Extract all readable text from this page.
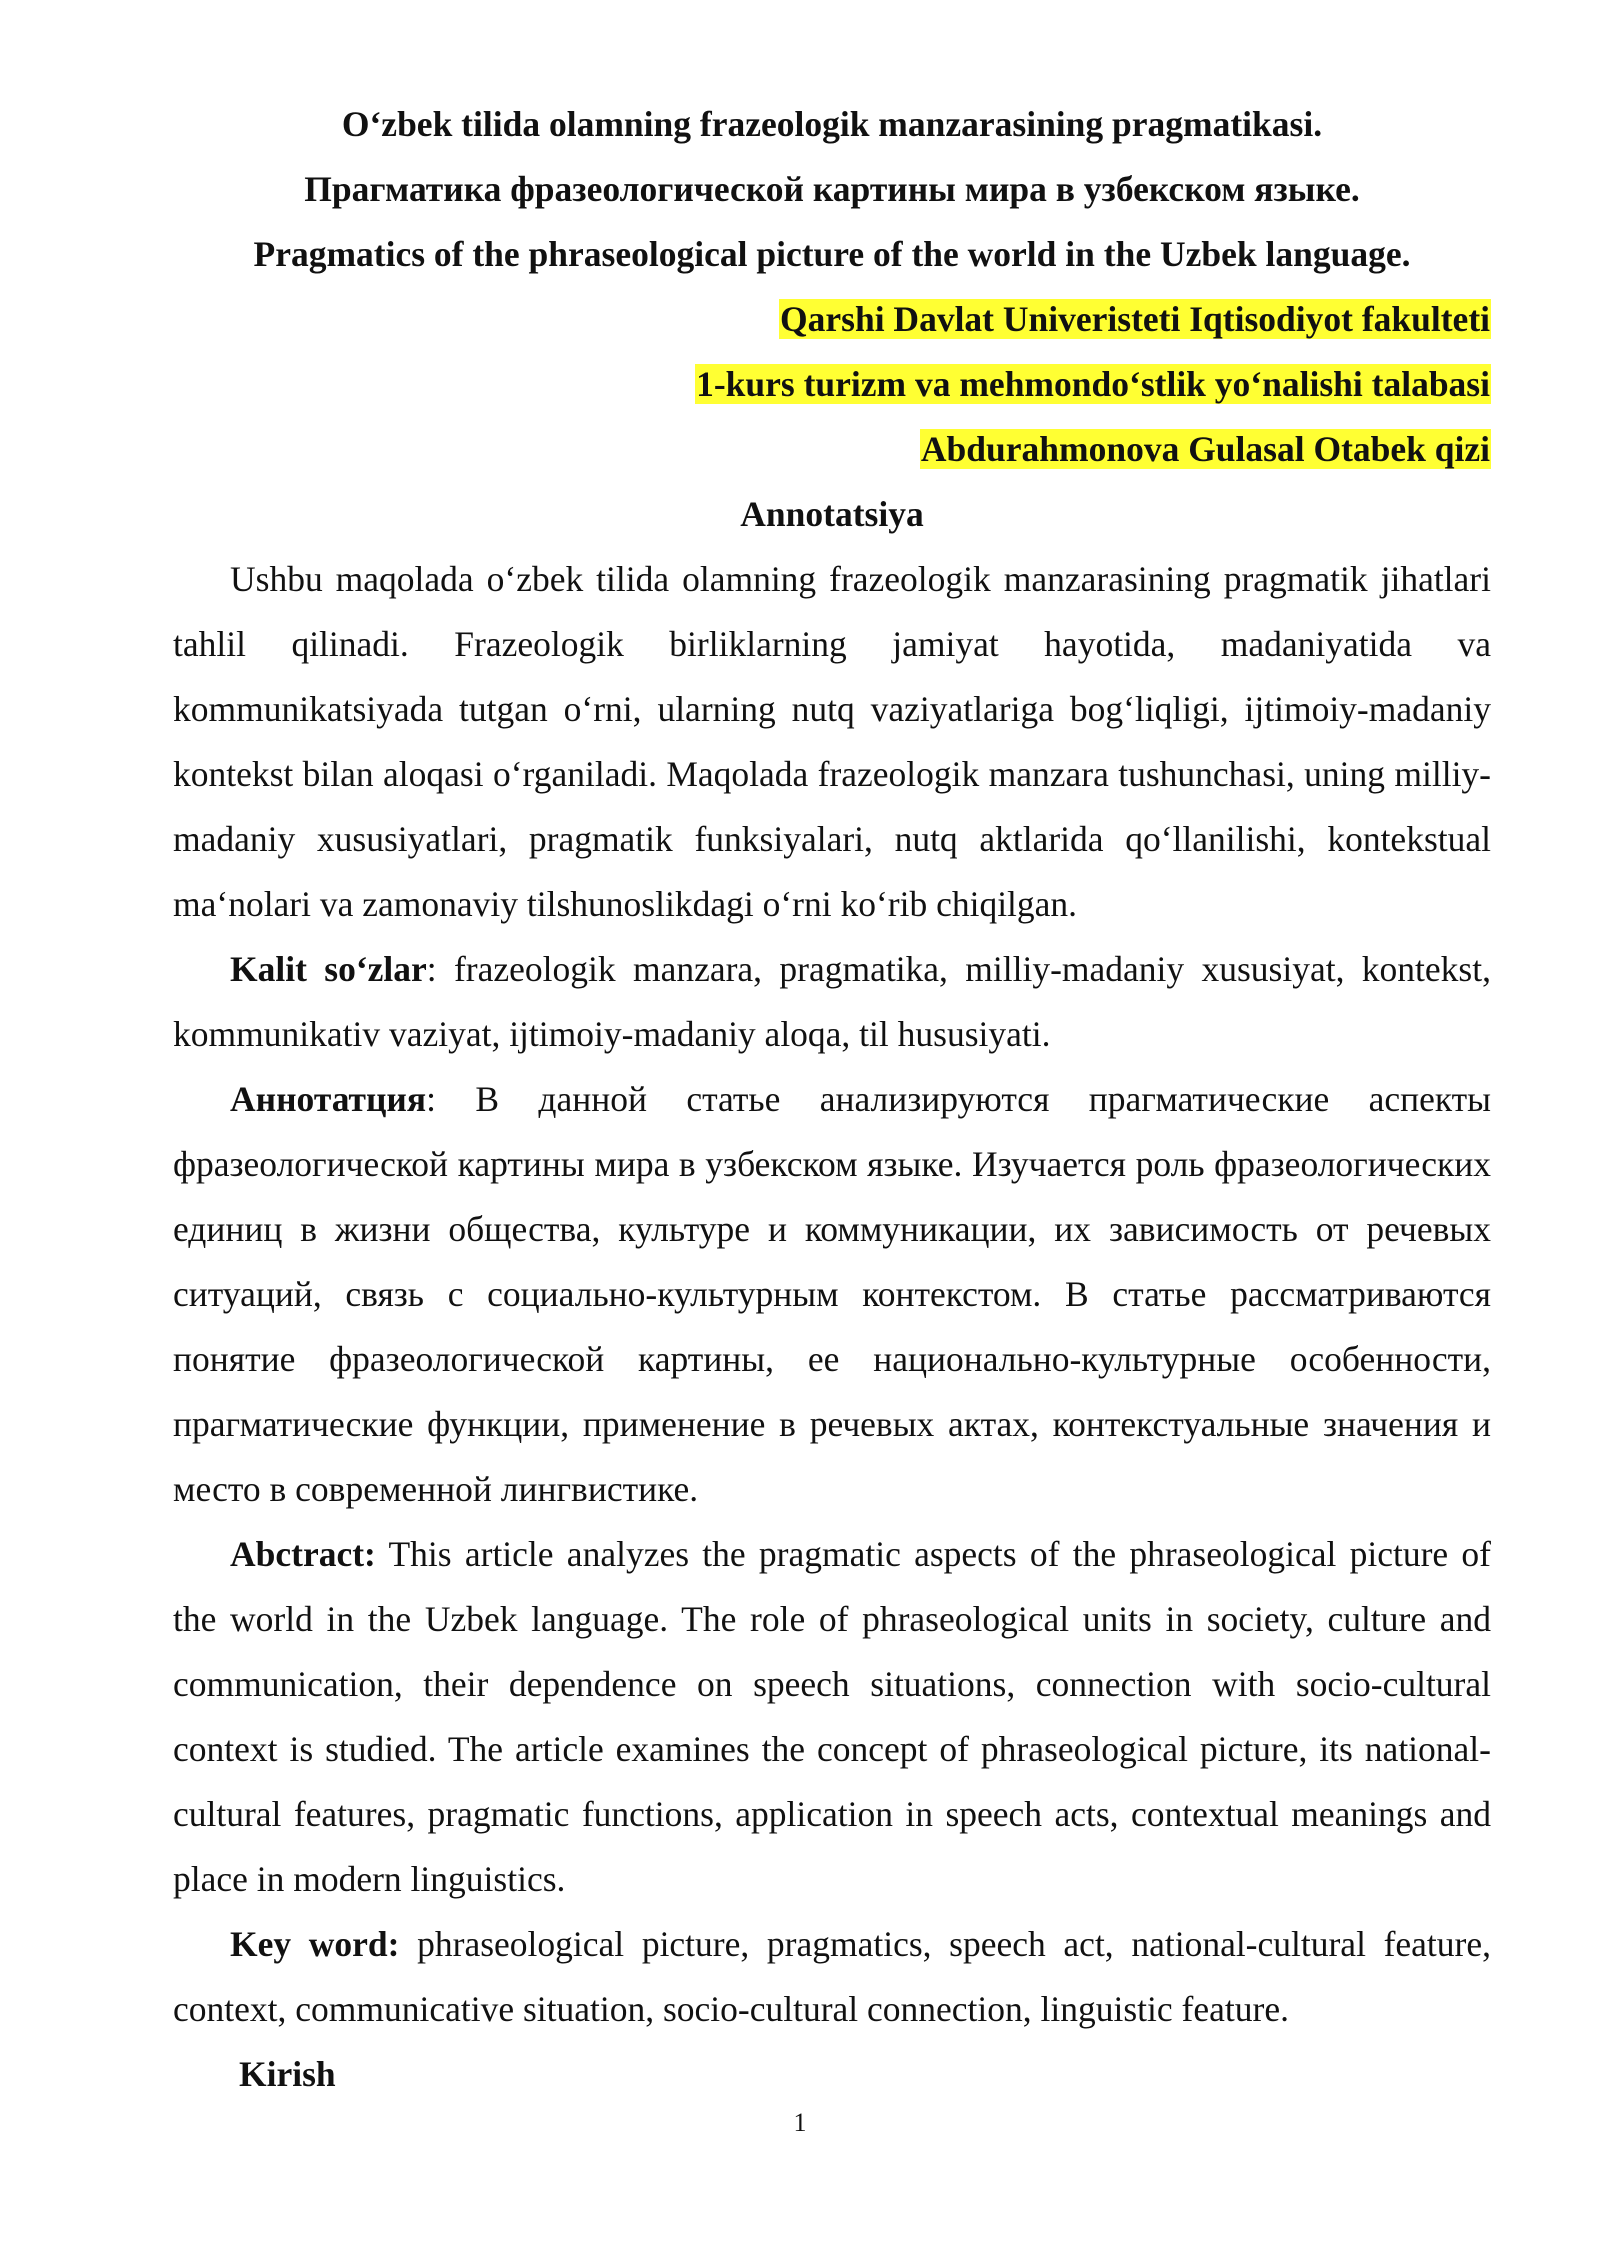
O‘zbek tilida olamning frazeologik manzarasining pragmatikasi.
Прагматика фразеологической картины мира в узбекском языке.
Pragmatics of the phraseological picture of the world in the Uzbek language.
Qarshi Davlat Univeristeti Iqtisodiyot fakulteti
1-kurs turizm va mehmondo‘stlik yo‘nalishi talabasi
Abdurahmonova Gulasal Otabek qizi
Annotatsiya

Ushbu maqolada o‘zbek tilida olamning frazeologik manzarasining pragmatik jihatlari tahlil qilinadi. Frazeologik birliklarning jamiyat hayotida, madaniyatida va kommunikatsiyada tutgan o‘rni, ularning nutq vaziyatlariga bog‘liqligi, ijtimoiy-madaniy kontekst bilan aloqasi o‘rganiladi. Maqolada frazeologik manzara tushunchasi, uning milliy-madaniy xususiyatlari, pragmatik funksiyalari, nutq aktlarida qo‘llanilishi, kontekstual ma‘nolari va zamonaviy tilshunoslikdagi o‘rni ko‘rib chiqilgan.

Kalit so‘zlar: frazeologik manzara, pragmatika, milliy-madaniy xususiyat, kontekst, kommunikativ vaziyat, ijtimoiy-madaniy aloqa, til hususiyati.

Аннотатция: В данной статье анализируются прагматические аспекты фразеологической картины мира в узбекском языке. Изучается роль фразеологических единиц в жизни общества, культуре и коммуникации, их зависимость от речевых ситуаций, связь с социально-культурным контекстом. В статье рассматриваются понятие фразеологической картины, ее национально-культурные особенности, прагматические функции, применение в речевых актах, контекстуальные значения и место в современной лингвистике.

Abctract: This article analyzes the pragmatic aspects of the phraseological picture of the world in the Uzbek language. The role of phraseological units in society, culture and communication, their dependence on speech situations, connection with socio-cultural context is studied. The article examines the concept of phraseological picture, its national-cultural features, pragmatic functions, application in speech acts, contextual meanings and place in modern linguistics.

Key word: phraseological picture, pragmatics, speech act, national-cultural feature, context, communicative situation, socio-cultural connection, linguistic feature.

Kirish
1
